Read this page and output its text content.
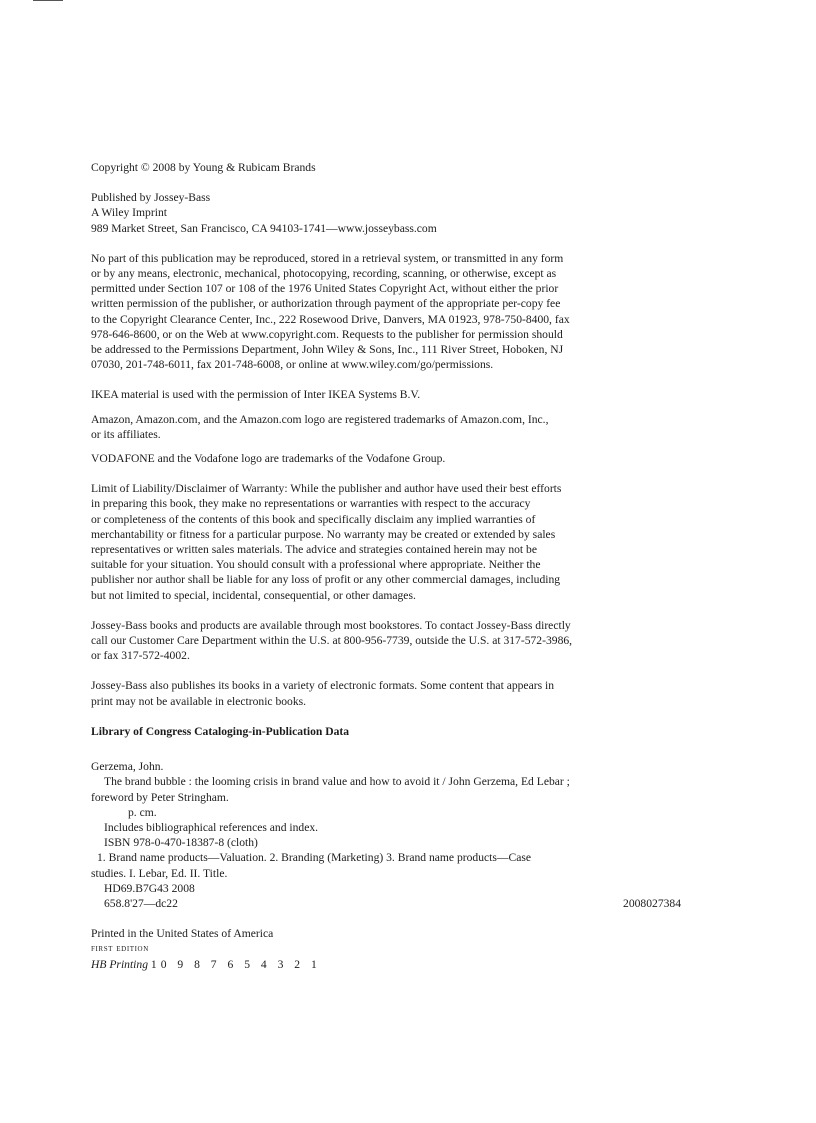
Copyright © 2008 by Young & Rubicam Brands

Published by Jossey-Bass
A Wiley Imprint
989 Market Street, San Francisco, CA 94103-1741—www.josseybass.com
No part of this publication may be reproduced, stored in a retrieval system, or transmitted in any form
or by any means, electronic, mechanical, photocopying, recording, scanning, or otherwise, except as
permitted under Section 107 or 108 of the 1976 United States Copyright Act, without either the prior
written permission of the publisher, or authorization through payment of the appropriate per-copy fee
to the Copyright Clearance Center, Inc., 222 Rosewood Drive, Danvers, MA 01923, 978-750-8400, fax
978-646-8600, or on the Web at www.copyright.com. Requests to the publisher for permission should
be addressed to the Permissions Department, John Wiley & Sons, Inc., 111 River Street, Hoboken, NJ
07030, 201-748-6011, fax 201-748-6008, or online at www.wiley.com/go/permissions.

IKEA material is used with the permission of Inter IKEA Systems B.V.

Amazon, Amazon.com, and the Amazon.com logo are registered trademarks of Amazon.com, Inc.,
or its affiliates.

VODAFONE and the Vodafone logo are trademarks of the Vodafone Group.

Limit of Liability/Disclaimer of Warranty: While the publisher and author have used their best efforts
in preparing this book, they make no representations or warranties with respect to the accuracy
or completeness of the contents of this book and specifically disclaim any implied warranties of
merchantability or fitness for a particular purpose. No warranty may be created or extended by sales
representatives or written sales materials. The advice and strategies contained herein may not be
suitable for your situation. You should consult with a professional where appropriate. Neither the
publisher nor author shall be liable for any loss of profit or any other commercial damages, including
but not limited to special, incidental, consequential, or other damages.
Jossey-Bass books and products are available through most bookstores. To contact Jossey-Bass directly
call our Customer Care Department within the U.S. at 800-956-7739, outside the U.S. at 317-572-3986,
or fax 317-572-4002.
Jossey-Bass also publishes its books in a variety of electronic formats. Some content that appears in
print may not be available in electronic books.

Library of Congress Cataloging-in-Publication Data

Gerzema, John.
The brand bubble : the looming crisis in brand value and how to avoid it / John Gerzema, Ed Lebar ;
foreword by Peter Stringham.
p. cm.
Includes bibliographical references and index.
ISBN 978-0-470-18387-8 (cloth)
1. Brand name products—Valuation. 2. Branding (Marketing) 3. Brand name products—Case
studies. I. Lebar, Ed. II. Title.
HD69.B7G43 2008
658.8'27—dc22	2008027384
Printed in the United States of America
first edition
HB Printing 10 9 8 7 6 5 4 3 2 1
